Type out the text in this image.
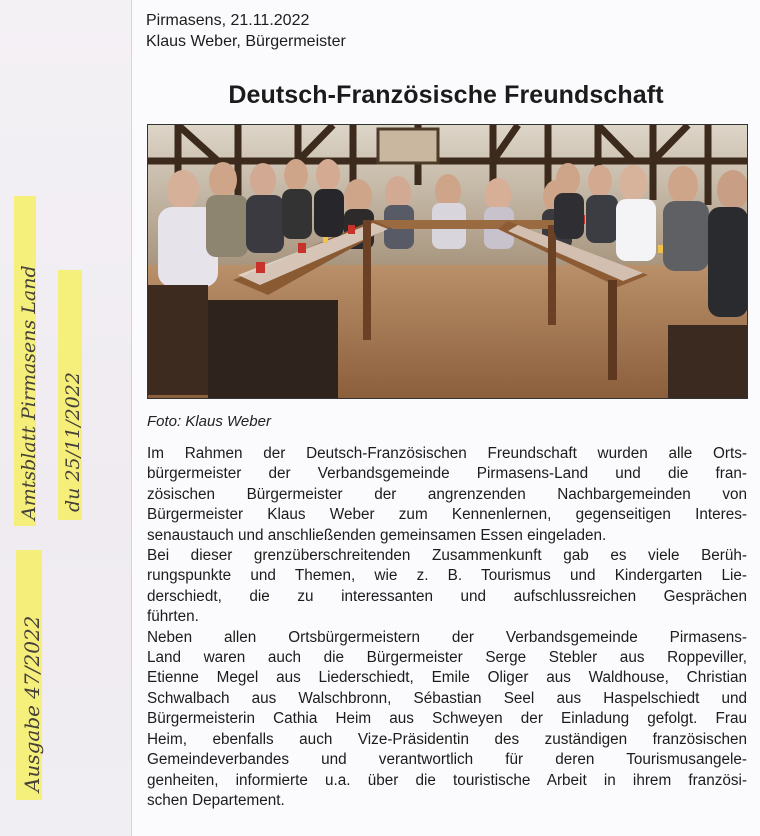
Amtsblatt Pirmasens Land du 25/11/2022
Ausgabe 47/2022
Pirmasens, 21.11.2022
Klaus Weber, Bürgermeister
Deutsch-Französische Freundschaft
Foto: Klaus Weber
Im Rahmen der Deutsch-Französischen Freundschaft wurden alle Orts-
bürgermeister der Verbandsgemeinde Pirmasens-Land und die fran-
zösischen Bürgermeister der angrenzenden Nachbargemeinden von
Bürgermeister Klaus Weber zum Kennenlernen, gegenseitigen Interes-
senaustauch und anschließenden gemeinsamen Essen eingeladen.
Bei dieser grenzüberschreitenden Zusammenkunft gab es viele Berüh-
rungspunkte und Themen, wie z. B. Tourismus und Kindergarten Lie-
derschiedt, die zu interessanten und aufschlussreichen Gesprächen
führten.
Neben allen Ortsbürgermeistern der Verbandsgemeinde Pirmasens-
Land waren auch die Bürgermeister Serge Stebler aus Roppeviller,
Etienne Megel aus Liederschiedt, Emile Oliger aus Waldhouse, Christian
Schwalbach aus Walschbronn, Sébastian Seel aus Haspelschiedt und
Bürgermeisterin Cathia Heim aus Schweyen der Einladung gefolgt. Frau
Heim, ebenfalls auch Vize-Präsidentin des zuständigen französischen
Gemeindeverbandes und verantwortlich für deren Tourismusangele-
genheiten, informierte u.a. über die touristische Arbeit in ihrem französi-
schen Departement.
